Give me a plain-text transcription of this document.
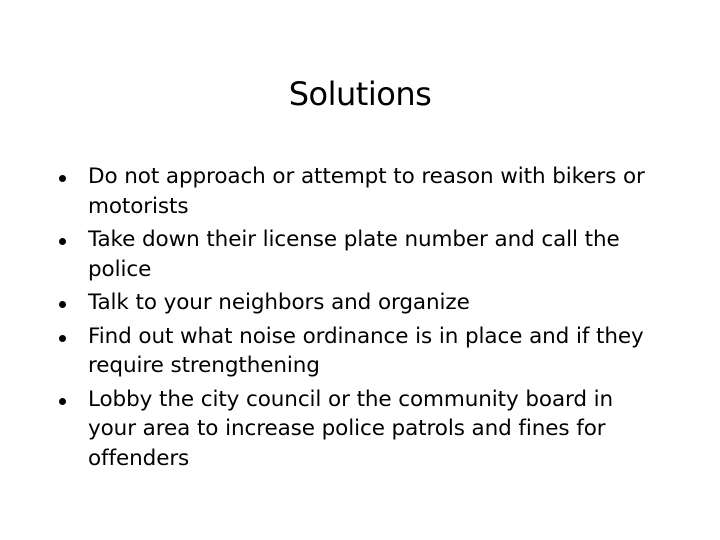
Solutions
Do not approach or attempt to reason with bikers or motorists
Take down their license plate number and call the police
Talk to your neighbors and organize
Find out what noise ordinance is in place and if they require strengthening
Lobby the city council or the community board in your area to increase police patrols and fines for offenders
